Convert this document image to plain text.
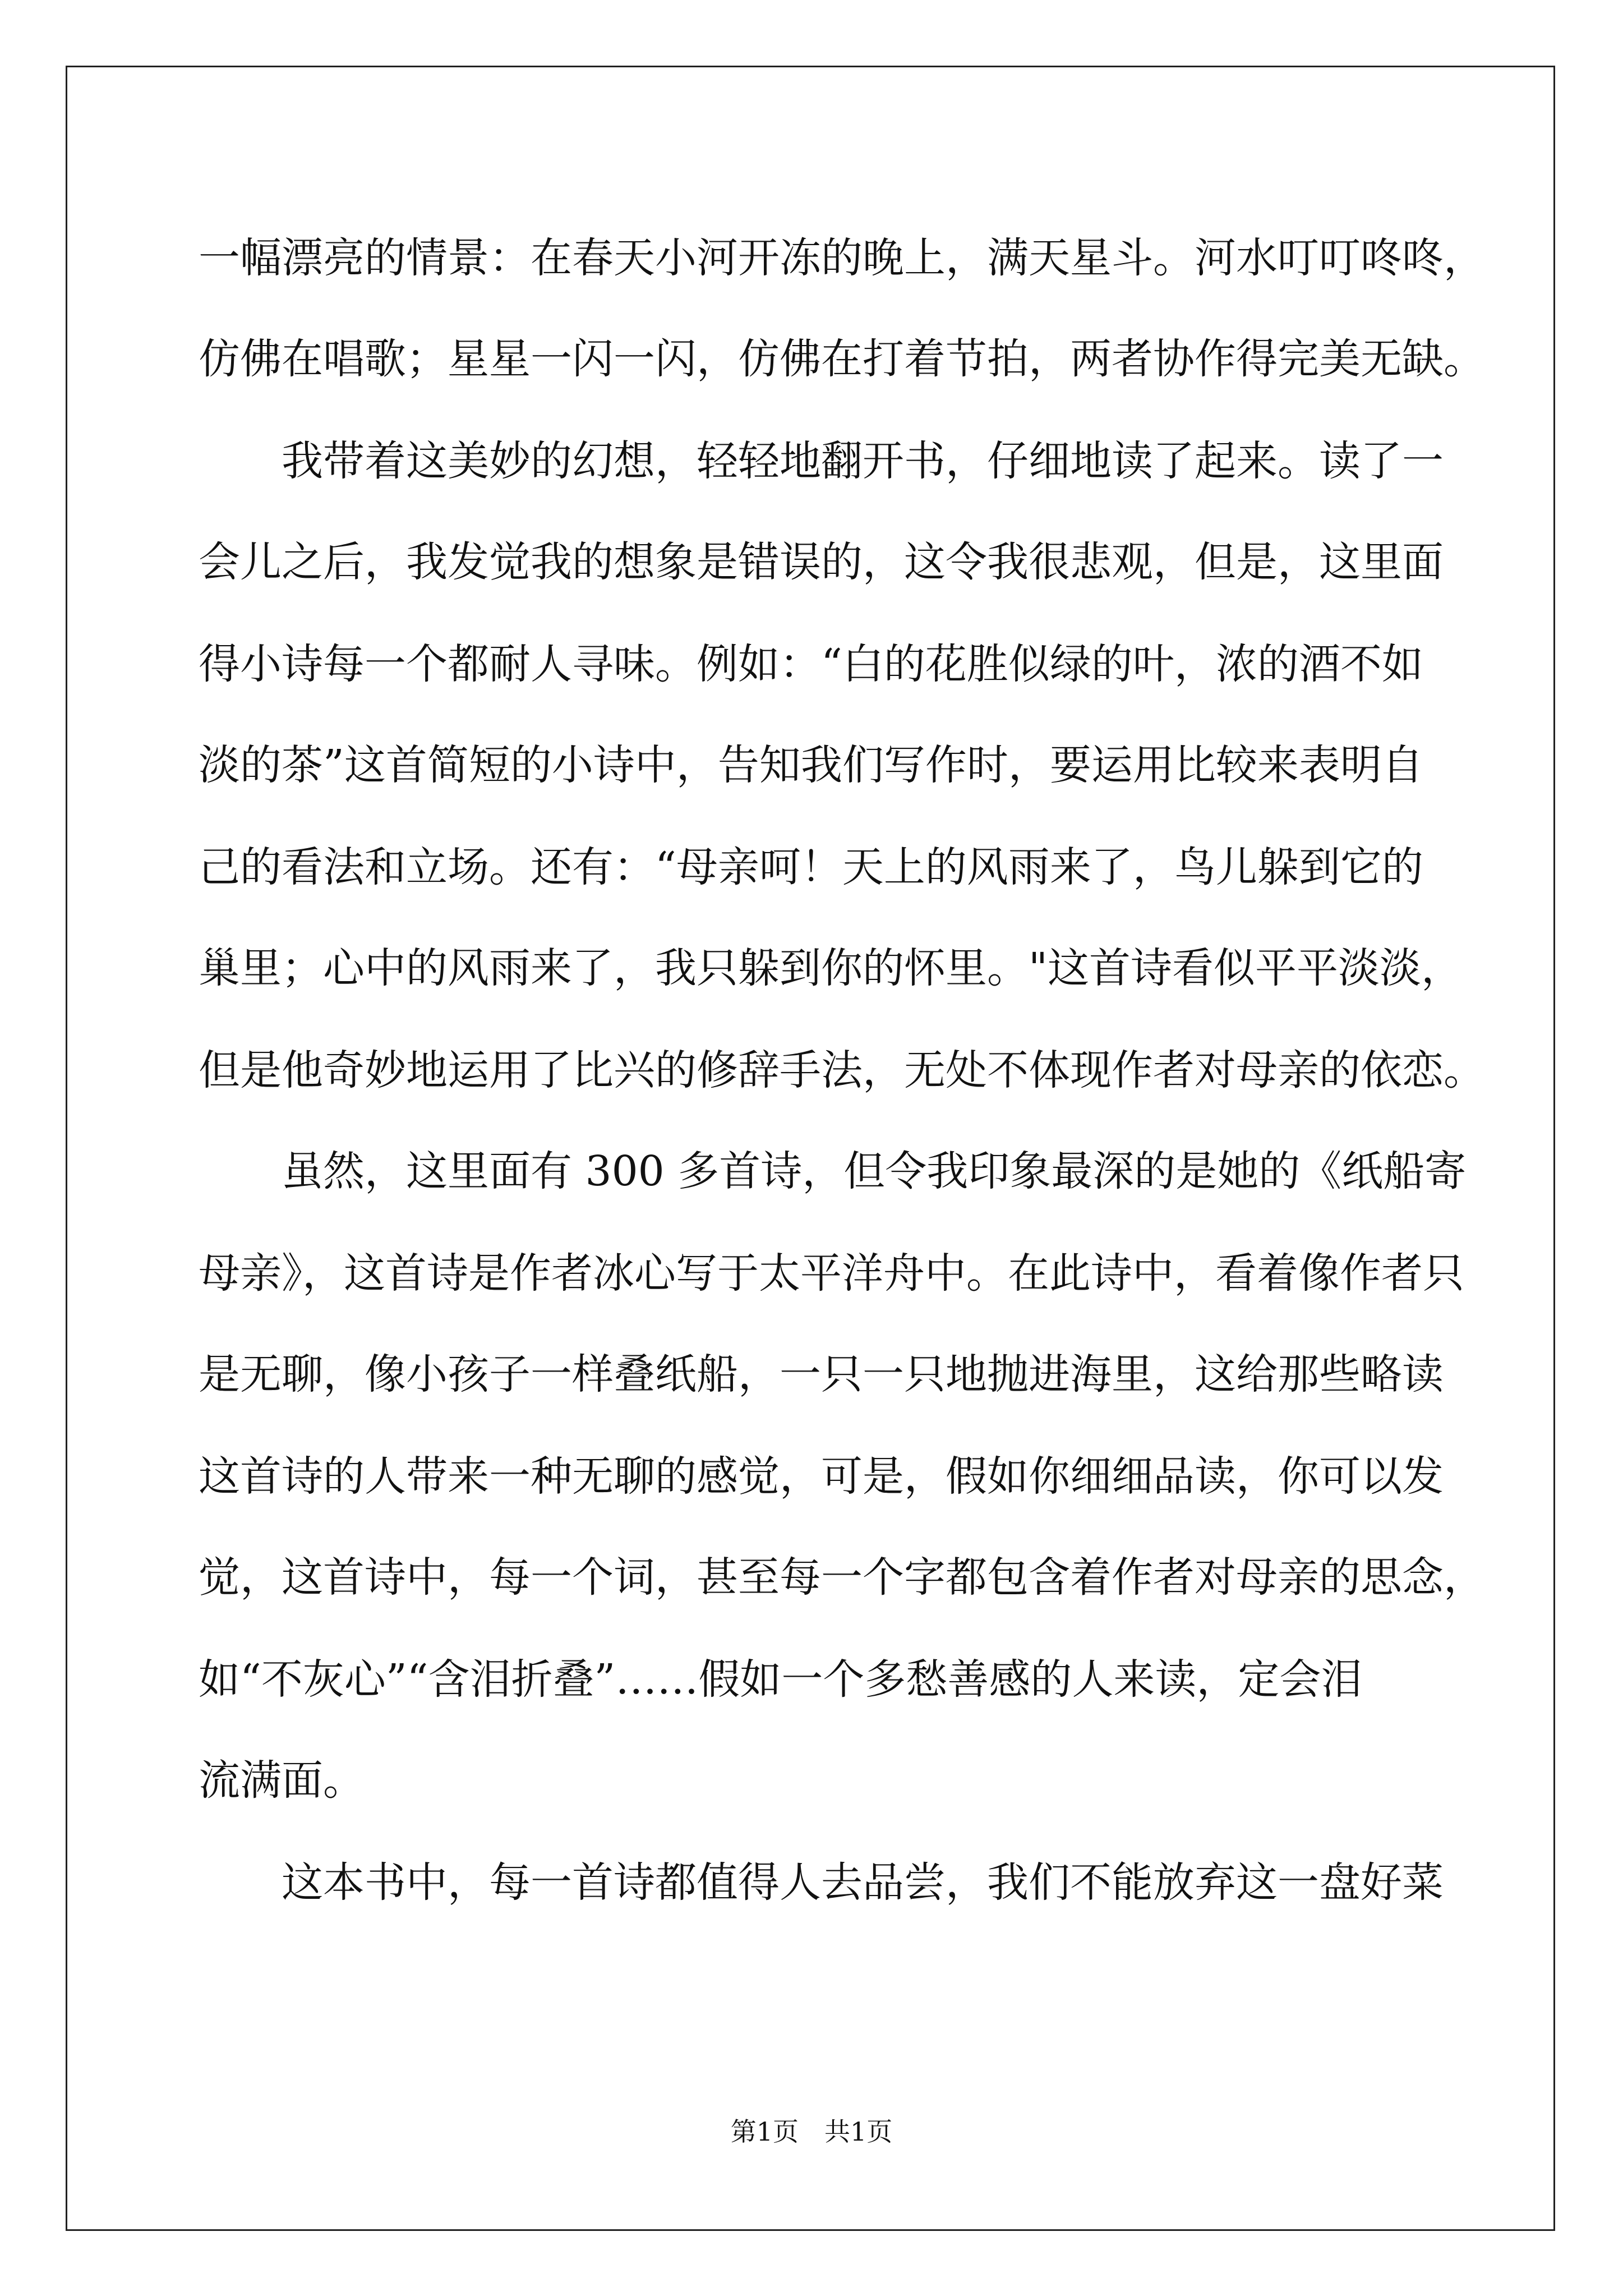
一幅漂亮的情景：在春天小河开冻的晚上，满天星斗。河水叮叮咚咚，
仿佛在唱歌；星星一闪一闪，仿佛在打着节拍，两者协作得完美无缺。
　　我带着这美妙的幻想，轻轻地翻开书，仔细地读了起来。读了一
会儿之后，我发觉我的想象是错误的，这令我很悲观，但是，这里面
得小诗每一个都耐人寻味。例如：“白的花胜似绿的叶，浓的酒不如
淡的茶”这首简短的小诗中，告知我们写作时，要运用比较来表明自
己的看法和立场。还有：“母亲呵！天上的风雨来了，鸟儿躲到它的
巢里；心中的风雨来了，我只躲到你的怀里。"这首诗看似平平淡淡，
但是他奇妙地运用了比兴的修辞手法，无处不体现作者对母亲的依恋。
　　虽然，这里面有 300 多首诗，但令我印象最深的是她的《纸船寄
母亲》，这首诗是作者冰心写于太平洋舟中。在此诗中，看着像作者只
是无聊，像小孩子一样叠纸船，一只一只地抛进海里，这给那些略读
这首诗的人带来一种无聊的感觉，可是，假如你细细品读，你可以发
觉，这首诗中，每一个词，甚至每一个字都包含着作者对母亲的思念，
如“不灰心”“含泪折叠”……假如一个多愁善感的人来读，定会泪
流满面。
　　这本书中，每一首诗都值得人去品尝，我们不能放弃这一盘好菜
第1页　共1页
